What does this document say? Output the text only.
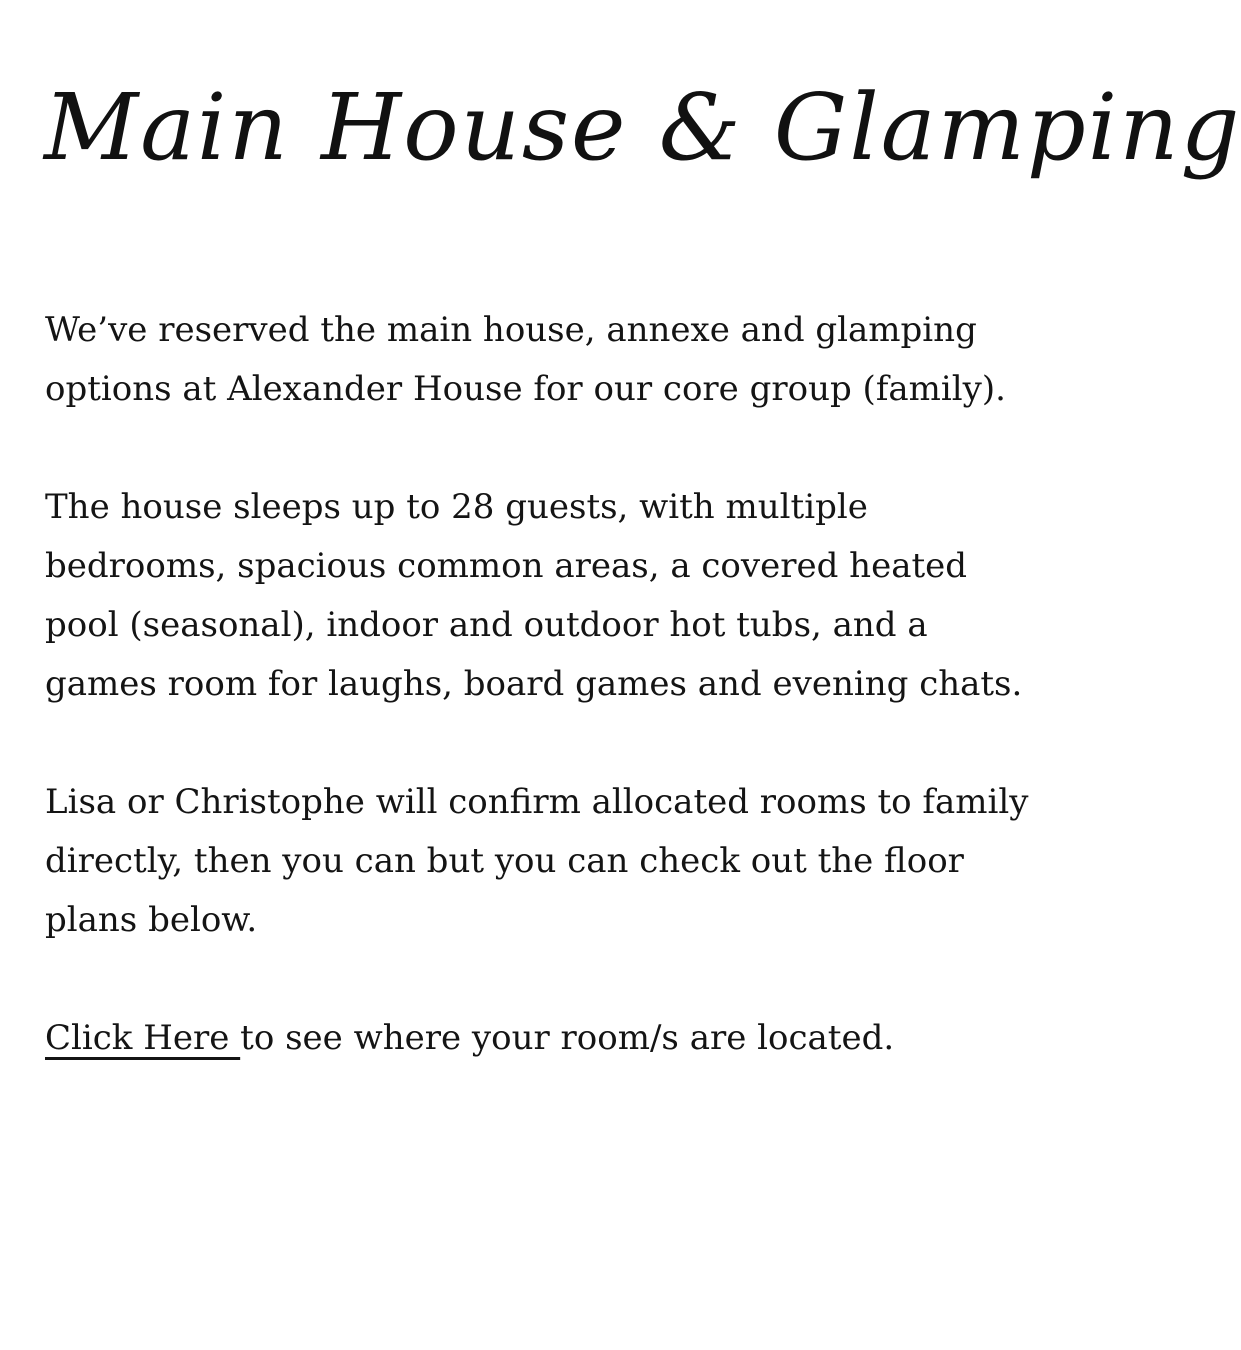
Main House & Glamping

We’ve reserved the main house, annexe and glamping options at Alexander House for our core group (family).

The house sleeps up to 28 guests, with multiple bedrooms, spacious common areas, a covered heated pool (seasonal), indoor and outdoor hot tubs, and a games room for laughs, board games and evening chats.

Lisa or Christophe will confirm allocated rooms to family directly, then you can but you can check out the floor plans below.

Click Here to see where your room/s are located.
